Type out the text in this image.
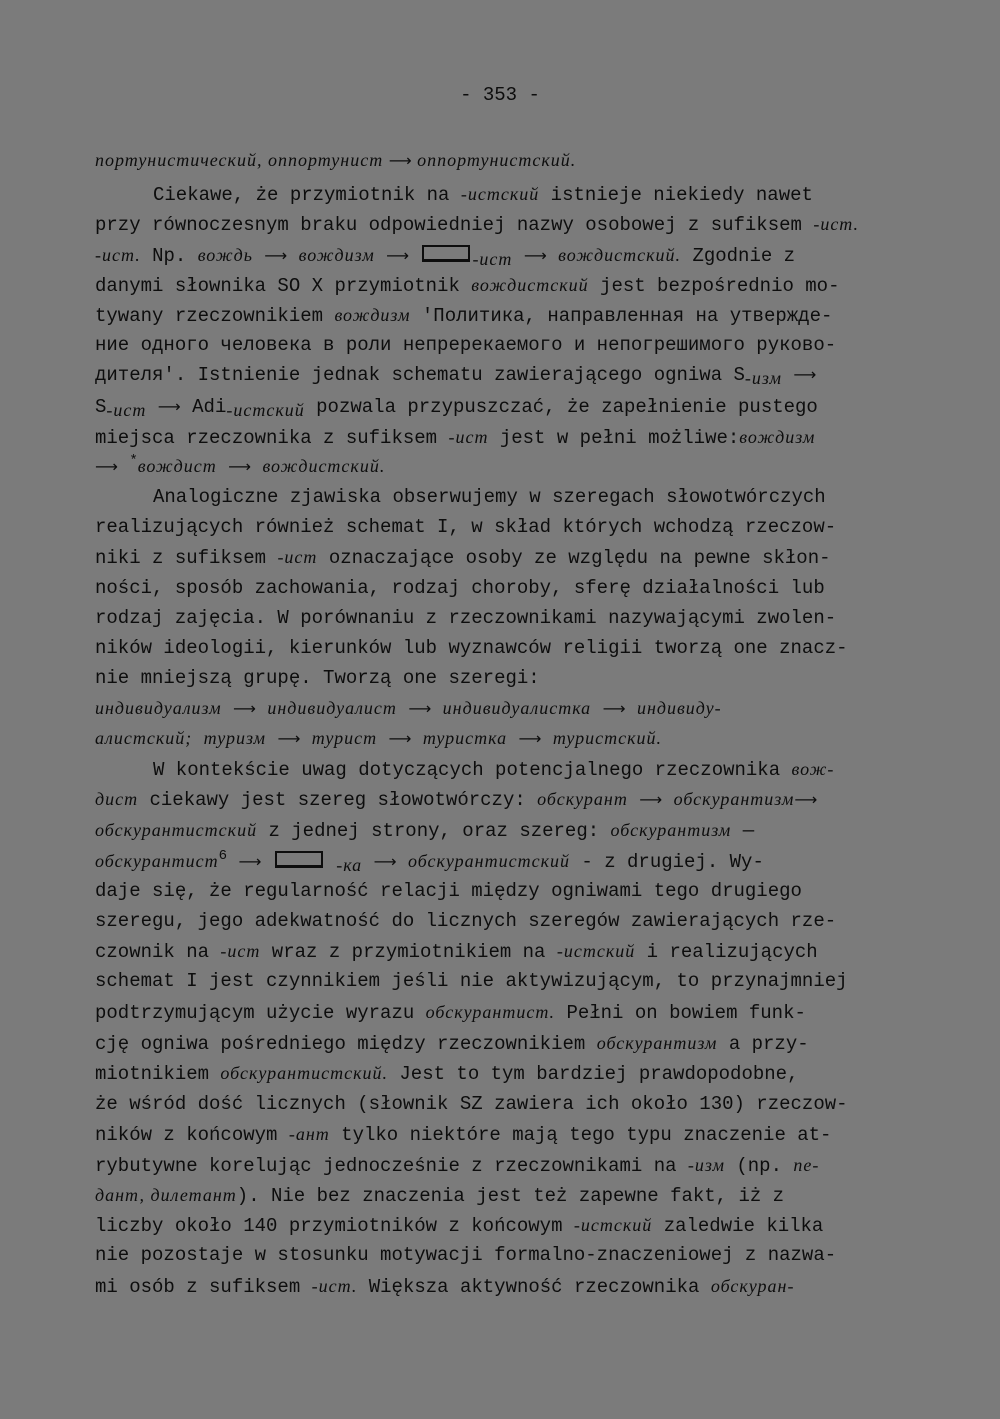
- 353 -
портунистический, оппортунист ⟶ оппортунистский.
Ciekawe, że przymiotnik na -истский istnieje niekiedy nawet
przy równoczesnym braku odpowiedniej nazwy osobowej z sufiksem -ист.
-ист. Np. вождь ⟶ вождизм ⟶	$_{-ист}$ ⟶ вождистский. Zgodnie z
danymi słownika SO X przymiotnik вождистский jest bezpośrednio mo-
tywany rzeczownikiem вождизм 'Политика, направленная на утвержде-
ние одного человека в роли непререкаемого и непогрешимого руково-
дителя'. Istnienie jednak schematu zawierającego ogniwa $S_{-изм}$ ⟶
$S_{-ист}$ ⟶ Adi$_{-истский}$ pozwala przypuszczać, że zapełnienie pustego
miejsca rzeczownika z sufiksem -ист jest w pełni możliwe:вождизм
⟶ *вождист ⟶ вождистский.
Analogiczne zjawiska obserwujemy w szeregach słowotwórczych
realizujących również schemat I, w skład których wchodzą rzeczow-
niki z sufiksem -ист oznaczające osoby ze względu na pewne skłon-
ności, sposób zachowania, rodzaj choroby, sferę działalności lub
rodzaj zajęcia. W porównaniu z rzeczownikami nazywającymi zwolen-
ników ideologii, kierunków lub wyznawców religii tworzą one znacz-
nie mniejszą grupę. Tworzą one szeregi:
индивидуализм ⟶ индивидуалист ⟶ индивидуалистка ⟶ индивиду-
алистский; туризм ⟶ турист ⟶ туристка ⟶ туристский.
W kontekście uwag dotyczących potencjalnego rzeczownika вож-
дист ciekawy jest szereg słowotwórczy: обскурант ⟶ обскурантизм⟶
обскурантистский z jednej strony, oraz szereg: обскурантизм —
обскурантист$^6$ ⟶	$_{-ка}$ ⟶ обскурантистский - z drugiej. Wy-
daje się, że regularność relacji między ogniwami tego drugiego
szeregu, jego adekwatność do licznych szeregów zawierających rze-
czownik na -ист wraz z przymiotnikiem na -истский i realizujących
schemat I jest czynnikiem jeśli nie aktywizującym, to przynajmniej
podtrzymującym użycie wyrazu обскурантист. Pełni on bowiem funk-
cję ogniwa pośredniego między rzeczownikiem обскурантизм a przy-
miotnikiem обскурантистский. Jest to tym bardziej prawdopodobne,
że wśród dość licznych (słownik SZ zawiera ich około 130) rzeczow-
ników z końcowym -ант tylko niektóre mają tego typu znaczenie at-
rybutywne korelując jednocześnie z rzeczownikami na -изм (np. пе-
дант, дилетант). Nie bez znaczenia jest też zapewne fakt, iż z
liczby około 140 przymiotników z końcowym -истский zaledwie kilka
nie pozostaje w stosunku motywacji formalno-znaczeniowej z nazwa-
mi osób z sufiksem -ист. Większa aktywność rzeczownika обскуран-
